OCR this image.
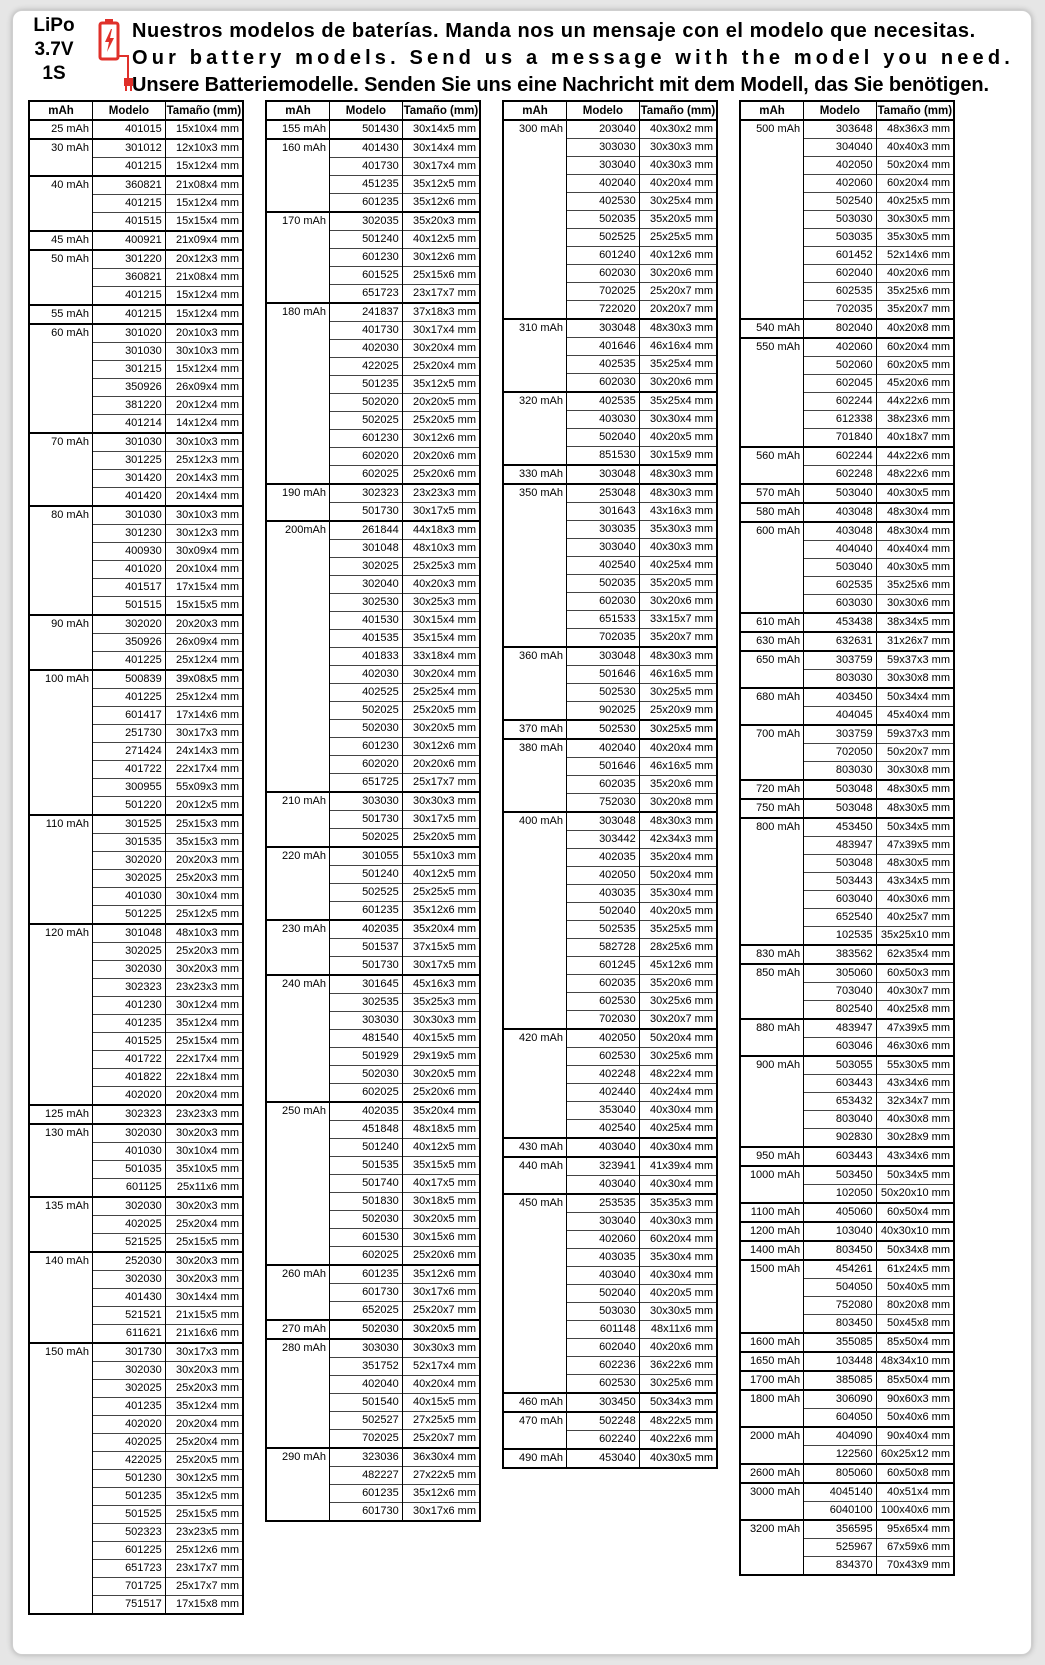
LiPo
3.7V
1S
Nuestros modelos de baterías. Manda nos un mensaje con el modelo que necesitas.
Our battery models. Send us a message with the model you need.
Unsere Batteriemodelle. Senden Sie uns eine Nachricht mit dem Modell, das Sie benötigen.
mAh	Modelo	Tamaño (mm)
25 mAh	401015	15x10x4 mm
30 mAh	301012	12x10x3 mm
	401215	15x12x4 mm
40 mAh	360821	21x08x4 mm
	401215	15x12x4 mm
	401515	15x15x4 mm
45 mAh	400921	21x09x4 mm
50 mAh	301220	20x12x3 mm
	360821	21x08x4 mm
	401215	15x12x4 mm
55 mAh	401215	15x12x4 mm
60 mAh	301020	20x10x3 mm
	301030	30x10x3 mm
	301215	15x12x4 mm
	350926	26x09x4 mm
	381220	20x12x4 mm
	401214	14x12x4 mm
70 mAh	301030	30x10x3 mm
	301225	25x12x3 mm
	301420	20x14x3 mm
	401420	20x14x4 mm
80 mAh	301030	30x10x3 mm
	301230	30x12x3 mm
	400930	30x09x4 mm
	401020	20x10x4 mm
	401517	17x15x4 mm
	501515	15x15x5 mm
90 mAh	302020	20x20x3 mm
	350926	26x09x4 mm
	401225	25x12x4 mm
100 mAh	500839	39x08x5 mm
	401225	25x12x4 mm
	601417	17x14x6 mm
	251730	30x17x3 mm
	271424	24x14x3 mm
	401722	22x17x4 mm
	300955	55x09x3 mm
	501220	20x12x5 mm
110 mAh	301525	25x15x3 mm
	301535	35x15x3 mm
	302020	20x20x3 mm
	302025	25x20x3 mm
	401030	30x10x4 mm
	501225	25x12x5 mm
120 mAh	301048	48x10x3 mm
	302025	25x20x3 mm
	302030	30x20x3 mm
	302323	23x23x3 mm
	401230	30x12x4 mm
	401235	35x12x4 mm
	401525	25x15x4 mm
	401722	22x17x4 mm
	401822	22x18x4 mm
	402020	20x20x4 mm
125 mAh	302323	23x23x3 mm
130 mAh	302030	30x20x3 mm
	401030	30x10x4 mm
	501035	35x10x5 mm
	601125	25x11x6 mm
135 mAh	302030	30x20x3 mm
	402025	25x20x4 mm
	521525	25x15x5 mm
140 mAh	252030	30x20x3 mm
	302030	30x20x3 mm
	401430	30x14x4 mm
	521521	21x15x5 mm
	611621	21x16x6 mm
150 mAh	301730	30x17x3 mm
	302030	30x20x3 mm
	302025	25x20x3 mm
	401235	35x12x4 mm
	402020	20x20x4 mm
	402025	25x20x4 mm
	422025	25x20x5 mm
	501230	30x12x5 mm
	501235	35x12x5 mm
	501525	25x15x5 mm
	502323	23x23x5 mm
	601225	25x12x6 mm
	651723	23x17x7 mm
	701725	25x17x7 mm
	751517	17x15x8 mm
mAh	Modelo	Tamaño (mm)
155 mAh	501430	30x14x5 mm
160 mAh	401430	30x14x4 mm
	401730	30x17x4 mm
	451235	35x12x5 mm
	601235	35x12x6 mm
170 mAh	302035	35x20x3 mm
	501240	40x12x5 mm
	601230	30x12x6 mm
	601525	25x15x6 mm
	651723	23x17x7 mm
180 mAh	241837	37x18x3 mm
	401730	30x17x4 mm
	402030	30x20x4 mm
	422025	25x20x4 mm
	501235	35x12x5 mm
	502020	20x20x5 mm
	502025	25x20x5 mm
	601230	30x12x6 mm
	602020	20x20x6 mm
	602025	25x20x6 mm
190 mAh	302323	23x23x3 mm
	501730	30x17x5 mm
200mAh	261844	44x18x3 mm
	301048	48x10x3 mm
	302025	25x25x3 mm
	302040	40x20x3 mm
	302530	30x25x3 mm
	401530	30x15x4 mm
	401535	35x15x4 mm
	401833	33x18x4 mm
	402030	30x20x4 mm
	402525	25x25x4 mm
	502025	25x20x5 mm
	502030	30x20x5 mm
	601230	30x12x6 mm
	602020	20x20x6 mm
	651725	25x17x7 mm
210 mAh	303030	30x30x3 mm
	501730	30x17x5 mm
	502025	25x20x5 mm
220 mAh	301055	55x10x3 mm
	501240	40x12x5 mm
	502525	25x25x5 mm
	601235	35x12x6 mm
230 mAh	402035	35x20x4 mm
	501537	37x15x5 mm
	501730	30x17x5 mm
240 mAh	301645	45x16x3 mm
	302535	35x25x3 mm
	303030	30x30x3 mm
	481540	40x15x5 mm
	501929	29x19x5 mm
	502030	30x20x5 mm
	602025	25x20x6 mm
250 mAh	402035	35x20x4 mm
	451848	48x18x5 mm
	501240	40x12x5 mm
	501535	35x15x5 mm
	501740	40x17x5 mm
	501830	30x18x5 mm
	502030	30x20x5 mm
	601530	30x15x6 mm
	602025	25x20x6 mm
260 mAh	601235	35x12x6 mm
	601730	30x17x6 mm
	652025	25x20x7 mm
270 mAh	502030	30x20x5 mm
280 mAh	303030	30x30x3 mm
	351752	52x17x4 mm
	402040	40x20x4 mm
	501540	40x15x5 mm
	502527	27x25x5 mm
	702025	25x20x7 mm
290 mAh	323036	36x30x4 mm
	482227	27x22x5 mm
	601235	35x12x6 mm
	601730	30x17x6 mm
mAh	Modelo	Tamaño (mm)
300 mAh	203040	40x30x2 mm
	303030	30x30x3 mm
	303040	40x30x3 mm
	402040	40x20x4 mm
	402530	30x25x4 mm
	502035	35x20x5 mm
	502525	25x25x5 mm
	601240	40x12x6 mm
	602030	30x20x6 mm
	702025	25x20x7 mm
	722020	20x20x7 mm
310 mAh	303048	48x30x3 mm
	401646	46x16x4 mm
	402535	35x25x4 mm
	602030	30x20x6 mm
320 mAh	402535	35x25x4 mm
	403030	30x30x4 mm
	502040	40x20x5 mm
	851530	30x15x9 mm
330 mAh	303048	48x30x3 mm
350 mAh	253048	48x30x3 mm
	301643	43x16x3 mm
	303035	35x30x3 mm
	303040	40x30x3 mm
	402540	40x25x4 mm
	502035	35x20x5 mm
	602030	30x20x6 mm
	651533	33x15x7 mm
	702035	35x20x7 mm
360 mAh	303048	48x30x3 mm
	501646	46x16x5 mm
	502530	30x25x5 mm
	902025	25x20x9 mm
370 mAh	502530	30x25x5 mm
380 mAh	402040	40x20x4 mm
	501646	46x16x5 mm
	602035	35x20x6 mm
	752030	30x20x8 mm
400 mAh	303048	48x30x3 mm
	303442	42x34x3 mm
	402035	35x20x4 mm
	402050	50x20x4 mm
	403035	35x30x4 mm
	502040	40x20x5 mm
	502535	35x25x5 mm
	582728	28x25x6 mm
	601245	45x12x6 mm
	602035	35x20x6 mm
	602530	30x25x6 mm
	702030	30x20x7 mm
420 mAh	402050	50x20x4 mm
	602530	30x25x6 mm
	402248	48x22x4 mm
	402440	40x24x4 mm
	353040	40x30x4 mm
	402540	40x25x4 mm
430 mAh	403040	40x30x4 mm
440 mAh	323941	41x39x4 mm
	403040	40x30x4 mm
450 mAh	253535	35x35x3 mm
	303040	40x30x3 mm
	402060	60x20x4 mm
	403035	35x30x4 mm
	403040	40x30x4 mm
	502040	40x20x5 mm
	503030	30x30x5 mm
	601148	48x11x6 mm
	602040	40x20x6 mm
	602236	36x22x6 mm
	602530	30x25x6 mm
460 mAh	303450	50x34x3 mm
470 mAh	502248	48x22x5 mm
	602240	40x22x6 mm
490 mAh	453040	40x30x5 mm
mAh	Modelo	Tamaño (mm)
500 mAh	303648	48x36x3 mm
	304040	40x40x3 mm
	402050	50x20x4 mm
	402060	60x20x4 mm
	502540	40x25x5 mm
	503030	30x30x5 mm
	503035	35x30x5 mm
	601452	52x14x6 mm
	602040	40x20x6 mm
	602535	35x25x6 mm
	702035	35x20x7 mm
540 mAh	802040	40x20x8 mm
550 mAh	402060	60x20x4 mm
	502060	60x20x5 mm
	602045	45x20x6 mm
	602244	44x22x6 mm
	612338	38x23x6 mm
	701840	40x18x7 mm
560 mAh	602244	44x22x6 mm
	602248	48x22x6 mm
570 mAh	503040	40x30x5 mm
580 mAh	403048	48x30x4 mm
600 mAh	403048	48x30x4 mm
	404040	40x40x4 mm
	503040	40x30x5 mm
	602535	35x25x6 mm
	603030	30x30x6 mm
610 mAh	453438	38x34x5 mm
630 mAh	632631	31x26x7 mm
650 mAh	303759	59x37x3 mm
	803030	30x30x8 mm
680 mAh	403450	50x34x4 mm
	404045	45x40x4 mm
700 mAh	303759	59x37x3 mm
	702050	50x20x7 mm
	803030	30x30x8 mm
720 mAh	503048	48x30x5 mm
750 mAh	503048	48x30x5 mm
800 mAh	453450	50x34x5 mm
	483947	47x39x5 mm
	503048	48x30x5 mm
	503443	43x34x5 mm
	603040	40x30x6 mm
	652540	40x25x7 mm
	102535	35x25x10 mm
830 mAh	383562	62x35x4 mm
850 mAh	305060	60x50x3 mm
	703040	40x30x7 mm
	802540	40x25x8 mm
880 mAh	483947	47x39x5 mm
	603046	46x30x6 mm
900 mAh	503055	55x30x5 mm
	603443	43x34x6 mm
	653432	32x34x7 mm
	803040	40x30x8 mm
	902830	30x28x9 mm
950 mAh	603443	43x34x6 mm
1000 mAh	503450	50x34x5 mm
	102050	50x20x10 mm
1100 mAh	405060	60x50x4 mm
1200 mAh	103040	40x30x10 mm
1400 mAh	803450	50x34x8 mm
1500 mAh	454261	61x24x5 mm
	504050	50x40x5 mm
	752080	80x20x8 mm
	803450	50x45x8 mm
1600 mAh	355085	85x50x4 mm
1650 mAh	103448	48x34x10 mm
1700 mAh	385085	85x50x4 mm
1800 mAh	306090	90x60x3 mm
	604050	50x40x6 mm
2000 mAh	404090	90x40x4 mm
	122560	60x25x12 mm
2600 mAh	805060	60x50x8 mm
3000 mAh	4045140	40x51x4 mm
	6040100	100x40x6 mm
3200 mAh	356595	95x65x4 mm
	525967	67x59x6 mm
	834370	70x43x9 mm
